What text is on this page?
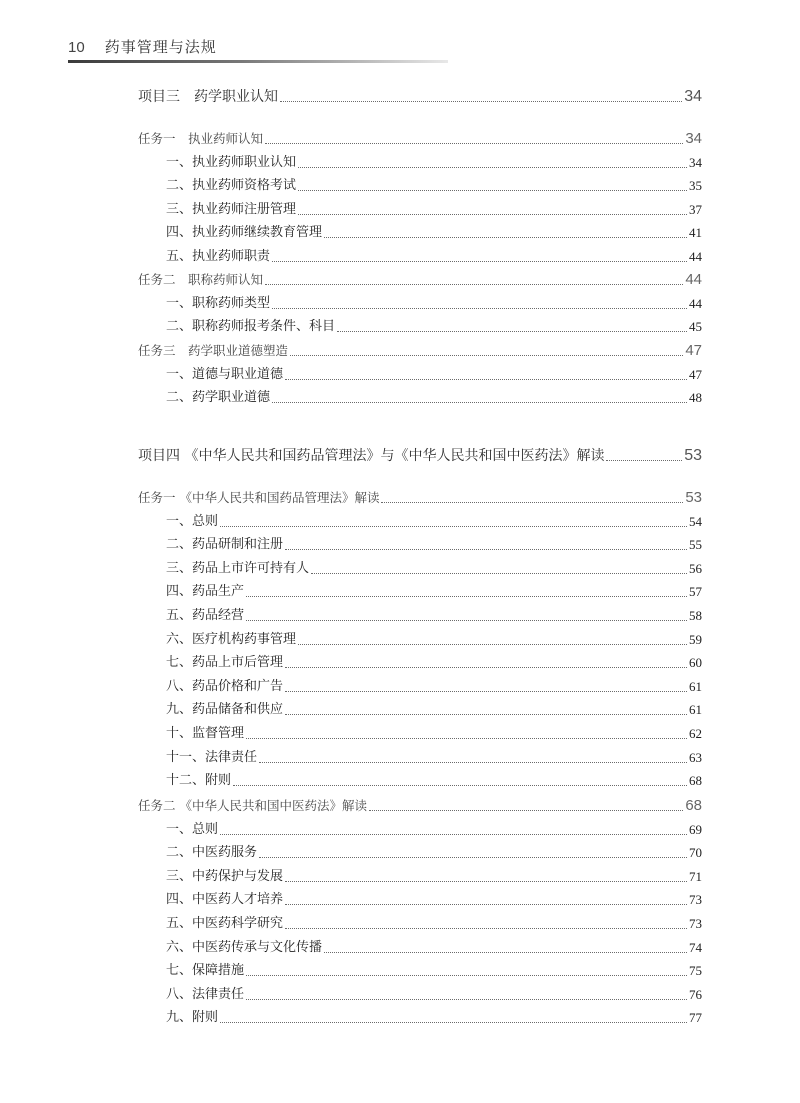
10 药事管理与法规
项目三　药学职业认知	34
任务一　执业药师认知	34
一、执业药师职业认知	34
二、执业药师资格考试	35
三、执业药师注册管理	37
四、执业药师继续教育管理	41
五、执业药师职责	44
任务二　职称药师认知	44
一、职称药师类型	44
二、职称药师报考条件、科目	45
任务三　药学职业道德塑造	47
一、道德与职业道德	47
二、药学职业道德	48
项目四 《中华人民共和国药品管理法》与《中华人民共和国中医药法》解读	53
任务一 《中华人民共和国药品管理法》解读	53
一、总则	54
二、药品研制和注册	55
三、药品上市许可持有人	56
四、药品生产	57
五、药品经营	58
六、医疗机构药事管理	59
七、药品上市后管理	60
八、药品价格和广告	61
九、药品储备和供应	61
十、监督管理	62
十一、法律责任	63
十二、附则	68
任务二 《中华人民共和国中医药法》解读	68
一、总则	69
二、中医药服务	70
三、中药保护与发展	71
四、中医药人才培养	73
五、中医药科学研究	73
六、中医药传承与文化传播	74
七、保障措施	75
八、法律责任	76
九、附则	77
